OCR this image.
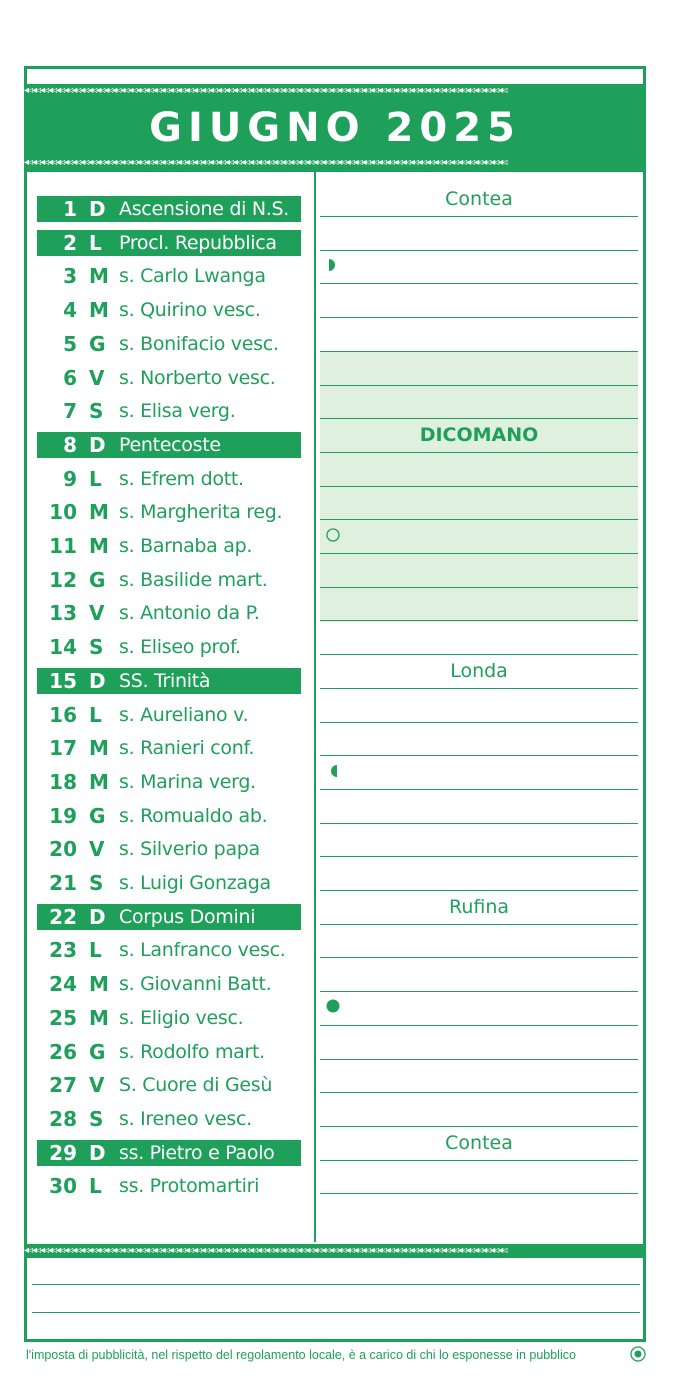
◂◃◂◃◂◃◂◃◂◃◂◃◂◃◂◃◂◃◂◃◂◃◂◃◂◃◂◃◂◃◂◃◂◃◂◃◂◃◂◃◂◃◂◃◂◃◂◃◂◃◂◃◂◃◂◃◂◃◂◃◂◃◂◃◂◃◂◃◂◃◂◃◂◃◂◃◂◃◂◃◂◃◂◃◂◃◂◃◂◃◂◃◂◃◂◃◂◃◂◃◂◃◂◃◂◃◂◃◂◃◂◃◂◃◂◃◂◃◂◃
◂◃◂◃◂◃◂◃◂◃◂◃◂◃◂◃◂◃◂◃◂◃◂◃◂◃◂◃◂◃◂◃◂◃◂◃◂◃◂◃◂◃◂◃◂◃◂◃◂◃◂◃◂◃◂◃◂◃◂◃◂◃◂◃◂◃◂◃◂◃◂◃◂◃◂◃◂◃◂◃◂◃◂◃◂◃◂◃◂◃◂◃◂◃◂◃◂◃◂◃◂◃◂◃◂◃◂◃◂◃◂◃◂◃◂◃◂◃◂◃
GIUGNO 2025
1 D Ascensione di N.S.
2 L Procl. Repubblica
3 M s. Carlo Lwanga
4 M s. Quirino vesc.
5 G s. Bonifacio vesc.
6 V s. Norberto vesc.
7 S s. Elisa verg.
8 D Pentecoste
9 L s. Efrem dott.
10 M s. Margherita reg.
11 M s. Barnaba ap.
12 G s. Basilide mart.
13 V s. Antonio da P.
14 S s. Eliseo prof.
15 D SS. Trinità
16 L s. Aureliano v.
17 M s. Ranieri conf.
18 M s. Marina verg.
19 G s. Romualdo ab.
20 V s. Silverio papa
21 S s. Luigi Gonzaga
22 D Corpus Domini
23 L s. Lanfranco vesc.
24 M s. Giovanni Batt.
25 M s. Eligio vesc.
26 G s. Rodolfo mart.
27 V S. Cuore di Gesù
28 S s. Ireneo vesc.
29 D ss. Pietro e Paolo
30 L ss. Protomartiri
Contea
DICOMANO
Londa
Rufina
Contea
◂◃◂◃◂◃◂◃◂◃◂◃◂◃◂◃◂◃◂◃◂◃◂◃◂◃◂◃◂◃◂◃◂◃◂◃◂◃◂◃◂◃◂◃◂◃◂◃◂◃◂◃◂◃◂◃◂◃◂◃◂◃◂◃◂◃◂◃◂◃◂◃◂◃◂◃◂◃◂◃◂◃◂◃◂◃◂◃◂◃◂◃◂◃◂◃◂◃◂◃◂◃◂◃◂◃◂◃◂◃◂◃◂◃◂◃◂◃◂◃
l'imposta di pubblicità, nel rispetto del regolamento locale, è a carico di chi lo esponesse in pubblico
